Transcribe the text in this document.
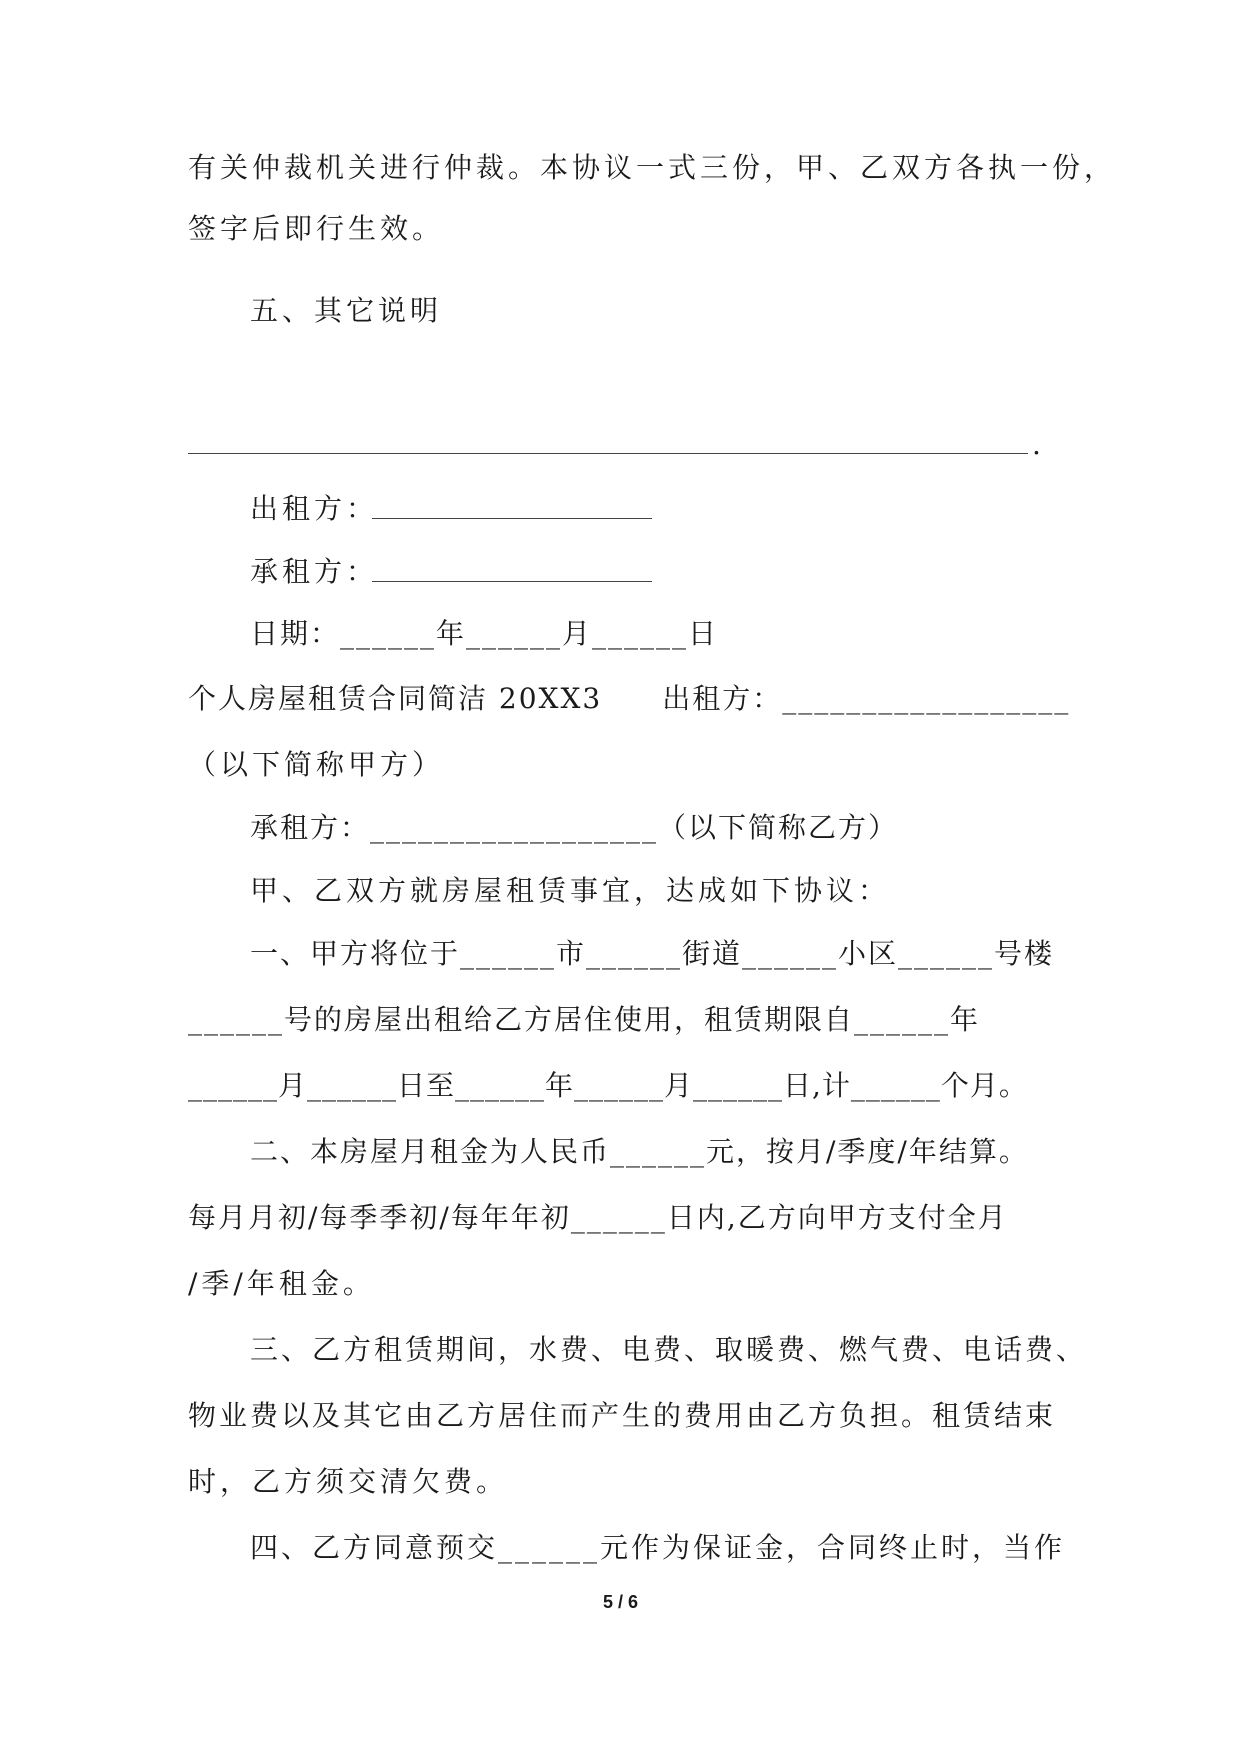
有关仲裁机关进行仲裁。本协议一式三份，甲、乙双方各执一份，
签字后即行生效。
五、其它说明
.
出租方：
承租方：
日期：______年______月______日
个人房屋租赁合同简洁 20XX3　　出租方：__________________
（以下简称甲方）
承租方：__________________（以下简称乙方）
甲、乙双方就房屋租赁事宜，达成如下协议：
一、甲方将位于______市______街道______小区______号楼
______号的房屋出租给乙方居住使用，租赁期限自______年
______月______日至______年______月______日,计______个月。
二、本房屋月租金为人民币______元，按月/季度/年结算。
每月月初/每季季初/每年年初______日内,乙方向甲方支付全月
/季/年租金。
三、乙方租赁期间，水费、电费、取暖费、燃气费、电话费、
物业费以及其它由乙方居住而产生的费用由乙方负担。租赁结束
时，乙方须交清欠费。
四、乙方同意预交______元作为保证金，合同终止时，当作
5 / 6
